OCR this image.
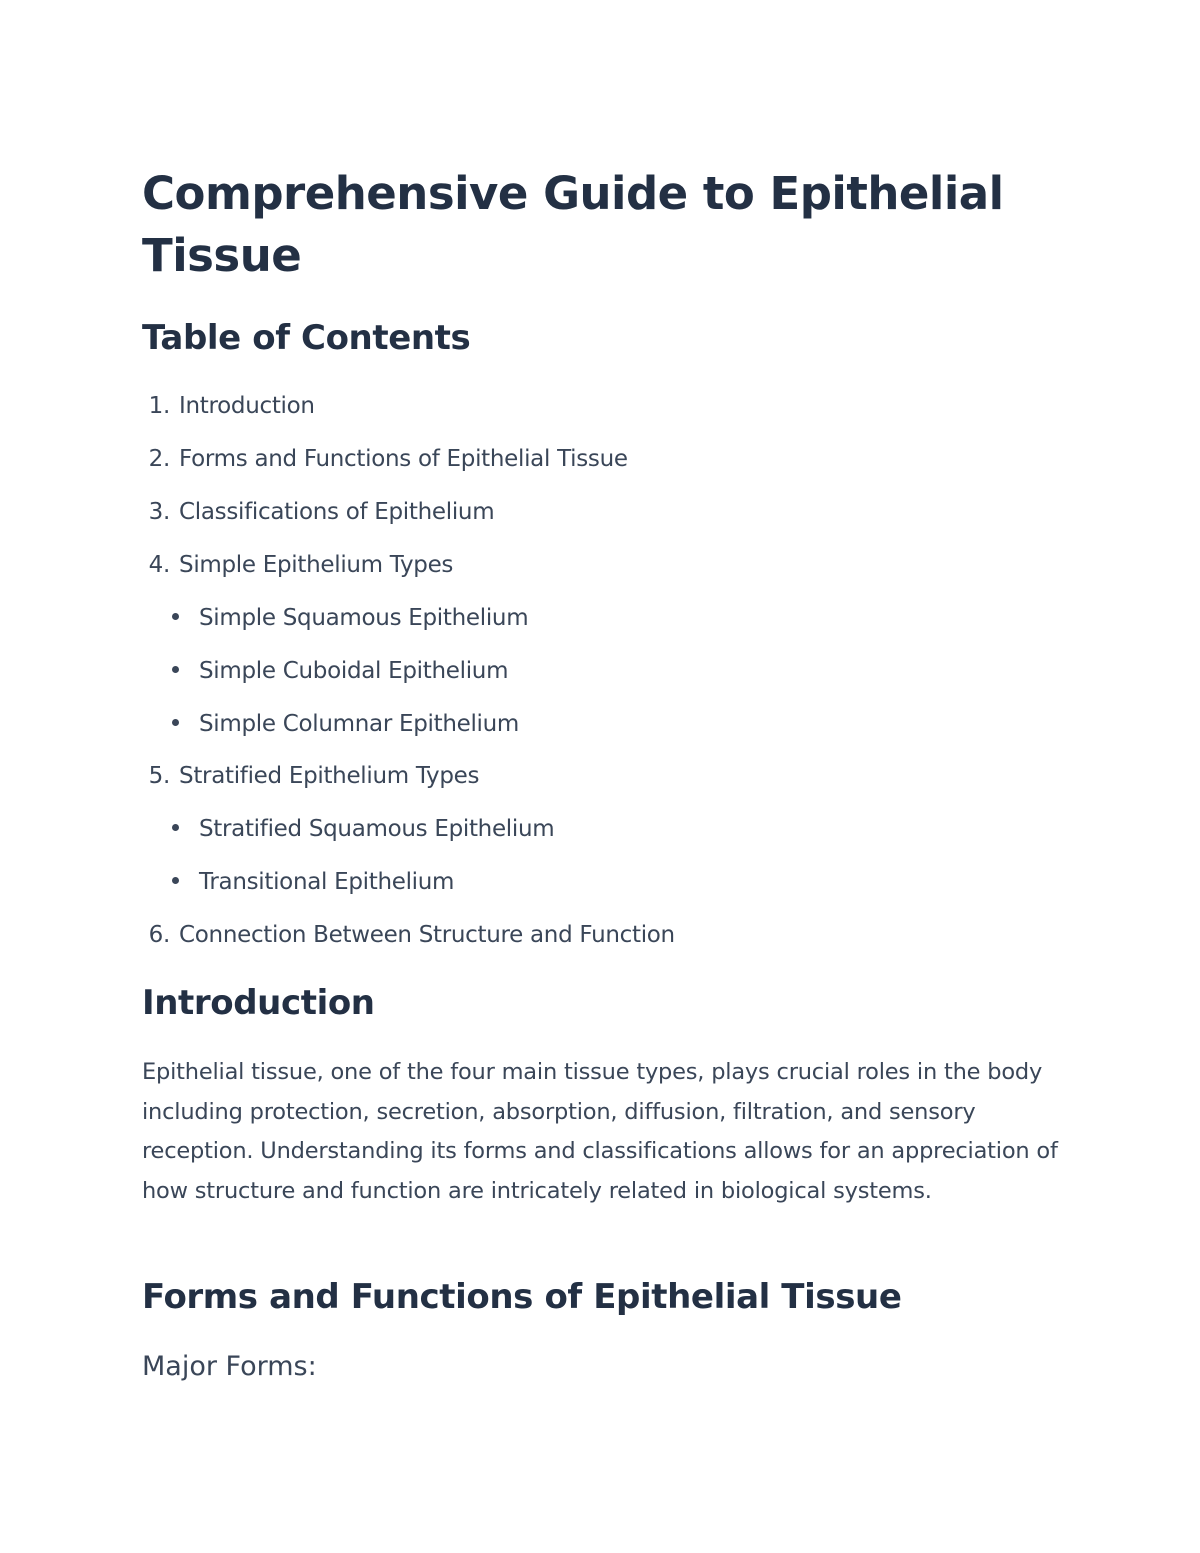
Comprehensive Guide to Epithelial Tissue
Table of Contents
1. Introduction
2. Forms and Functions of Epithelial Tissue
3. Classifications of Epithelium
4. Simple Epithelium Types
Simple Squamous Epithelium
Simple Cuboidal Epithelium
Simple Columnar Epithelium
5. Stratified Epithelium Types
Stratified Squamous Epithelium
Transitional Epithelium
6. Connection Between Structure and Function
Introduction

Epithelial tissue, one of the four main tissue types, plays crucial roles in the body including protection, secretion, absorption, diffusion, filtration, and sensory reception. Understanding its forms and classifications allows for an appreciation of how structure and function are intricately related in biological systems.

Forms and Functions of Epithelial Tissue
Major Forms:
